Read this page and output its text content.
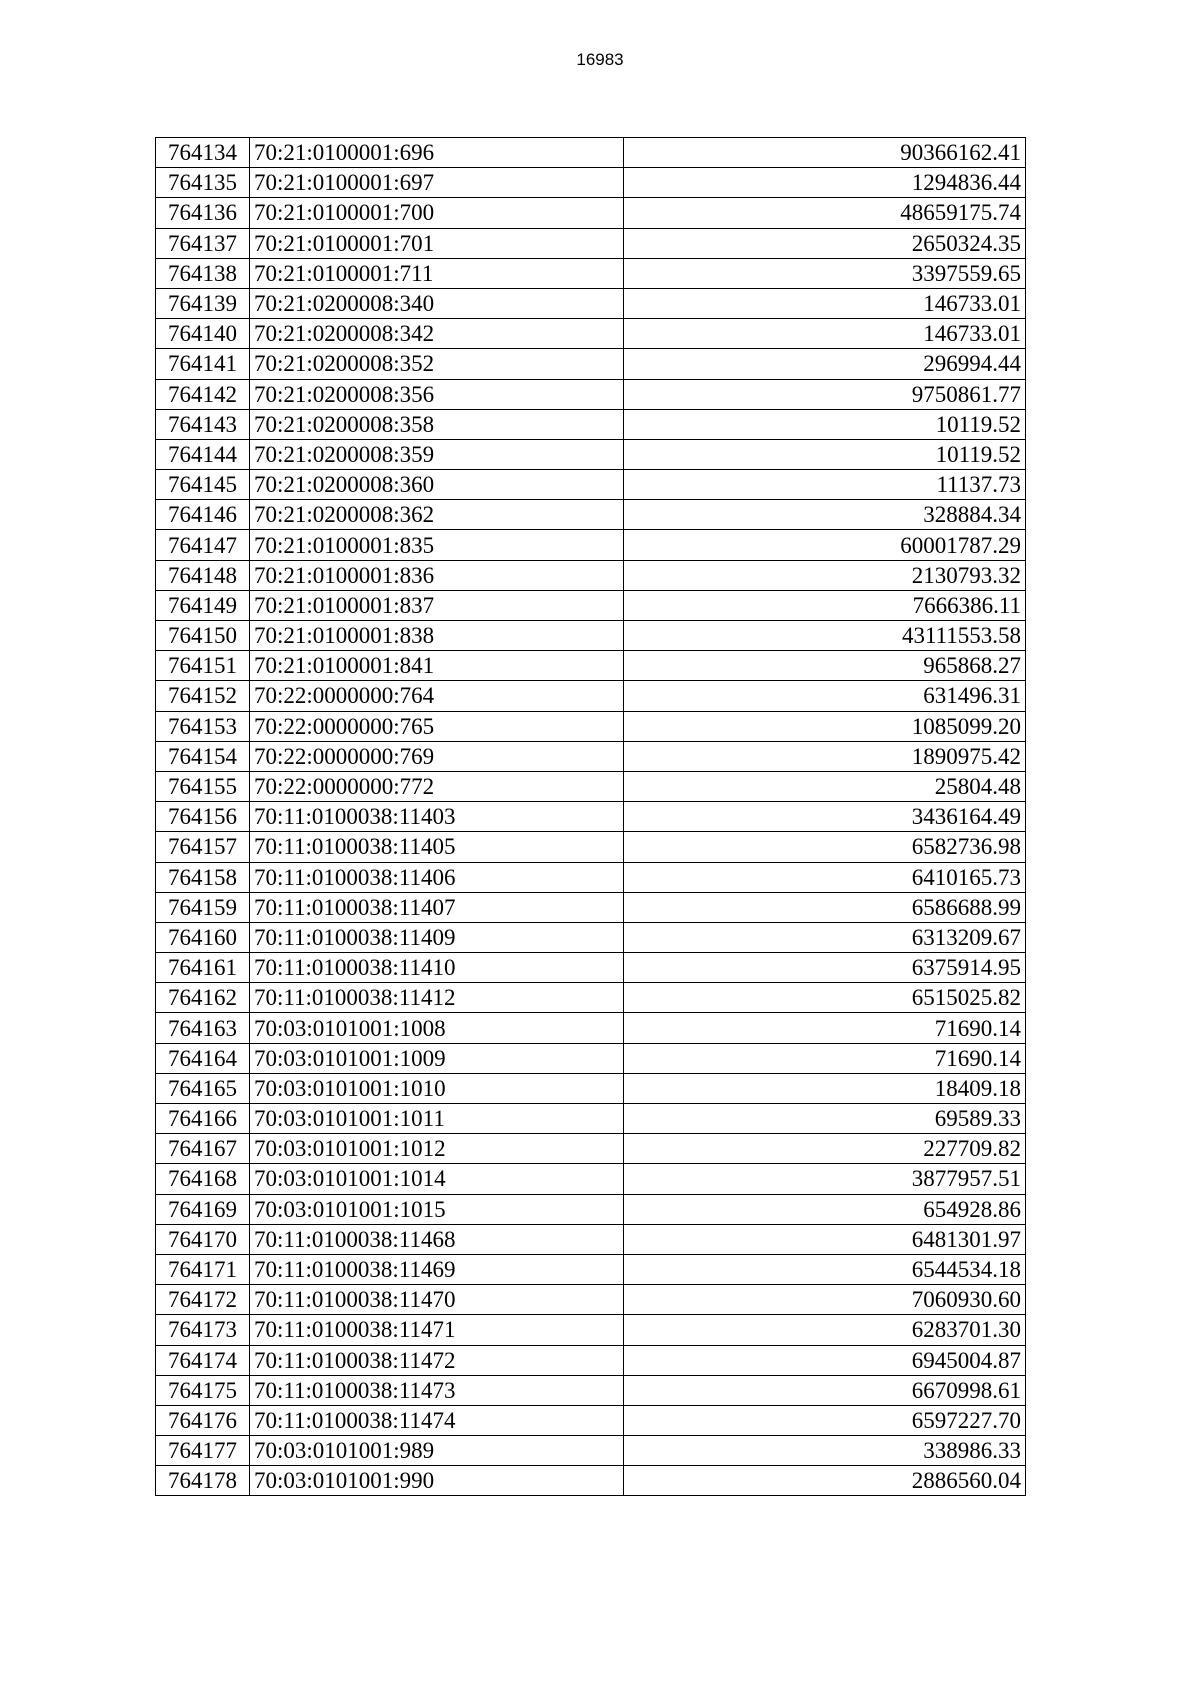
16983
764134	70:21:0100001:696	90366162.41
764135	70:21:0100001:697	1294836.44
764136	70:21:0100001:700	48659175.74
764137	70:21:0100001:701	2650324.35
764138	70:21:0100001:711	3397559.65
764139	70:21:0200008:340	146733.01
764140	70:21:0200008:342	146733.01
764141	70:21:0200008:352	296994.44
764142	70:21:0200008:356	9750861.77
764143	70:21:0200008:358	10119.52
764144	70:21:0200008:359	10119.52
764145	70:21:0200008:360	11137.73
764146	70:21:0200008:362	328884.34
764147	70:21:0100001:835	60001787.29
764148	70:21:0100001:836	2130793.32
764149	70:21:0100001:837	7666386.11
764150	70:21:0100001:838	43111553.58
764151	70:21:0100001:841	965868.27
764152	70:22:0000000:764	631496.31
764153	70:22:0000000:765	1085099.20
764154	70:22:0000000:769	1890975.42
764155	70:22:0000000:772	25804.48
764156	70:11:0100038:11403	3436164.49
764157	70:11:0100038:11405	6582736.98
764158	70:11:0100038:11406	6410165.73
764159	70:11:0100038:11407	6586688.99
764160	70:11:0100038:11409	6313209.67
764161	70:11:0100038:11410	6375914.95
764162	70:11:0100038:11412	6515025.82
764163	70:03:0101001:1008	71690.14
764164	70:03:0101001:1009	71690.14
764165	70:03:0101001:1010	18409.18
764166	70:03:0101001:1011	69589.33
764167	70:03:0101001:1012	227709.82
764168	70:03:0101001:1014	3877957.51
764169	70:03:0101001:1015	654928.86
764170	70:11:0100038:11468	6481301.97
764171	70:11:0100038:11469	6544534.18
764172	70:11:0100038:11470	7060930.60
764173	70:11:0100038:11471	6283701.30
764174	70:11:0100038:11472	6945004.87
764175	70:11:0100038:11473	6670998.61
764176	70:11:0100038:11474	6597227.70
764177	70:03:0101001:989	338986.33
764178	70:03:0101001:990	2886560.04
